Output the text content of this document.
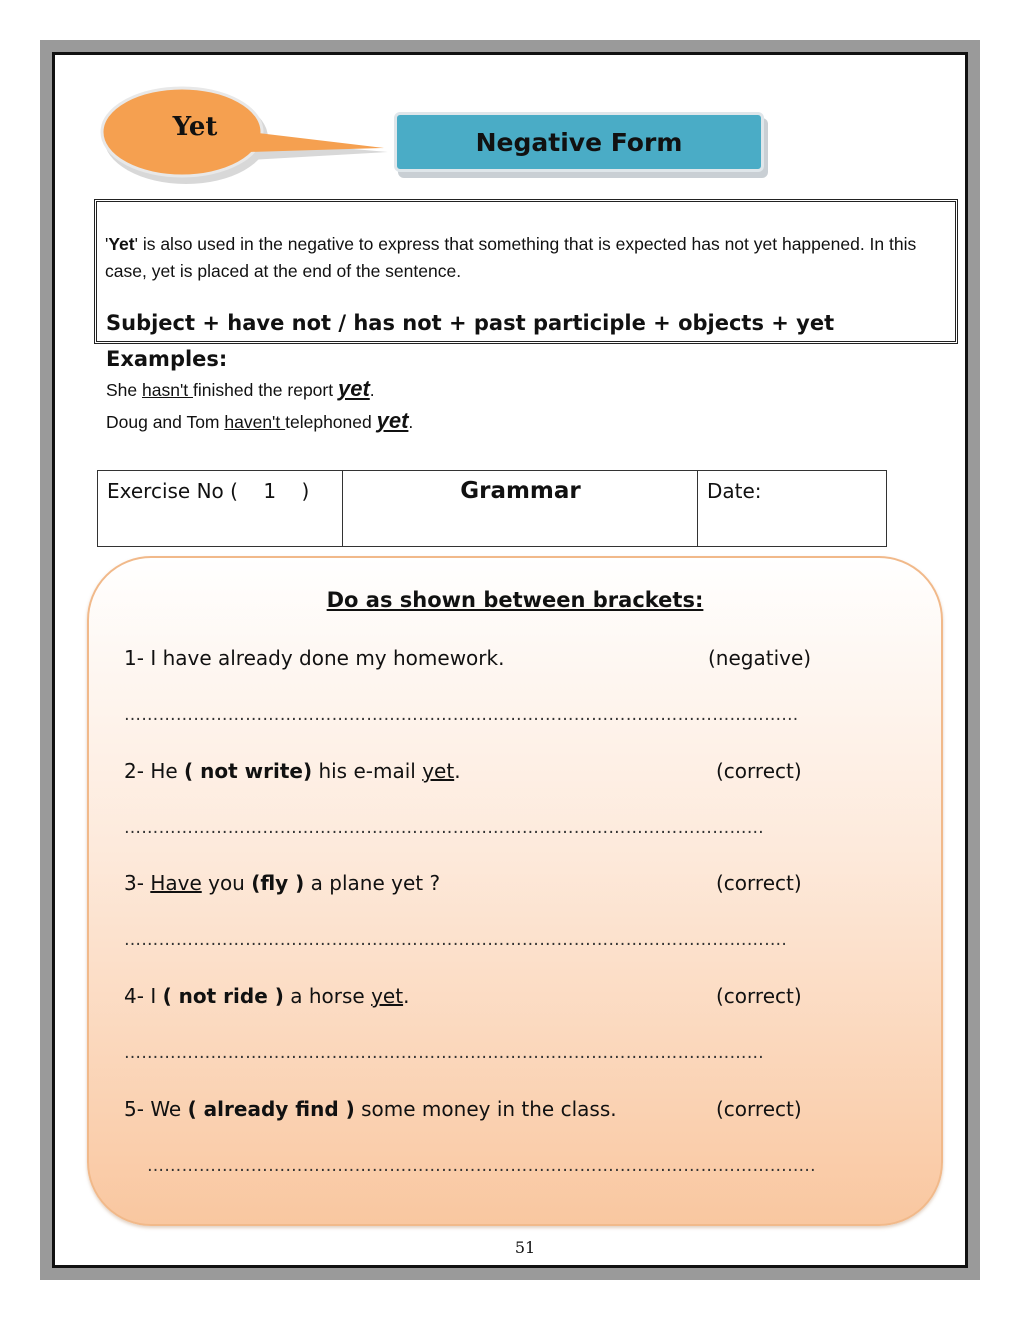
Yet	Negative Form
'Yet' is also used in the negative to express that something that is expected has not yet happened. In this case, yet is placed at the end of the sentence.
Subject + have not / has not + past participle + objects + yet
Examples:
She hasn't finished the report yet.
Doug and Tom haven't telephoned yet.
Exercise No (    1    )	Grammar	Date:
Do as shown between brackets:
1- I have already done my homework.	(negative)
……………………………………………………………………………………………………...
2- He ( not write) his e-mail yet.	(correct)
…………………………………………………………………………………………………
3- Have you (fly ) a plane yet ?	(correct)
…………………………………………………………………………………………………….
4- I ( not ride ) a horse yet.	(correct)
…………………………………………………………………………………………………
5- We ( already find ) some money in the class.	(correct)
……………………………………………………………………………………………………..
51
